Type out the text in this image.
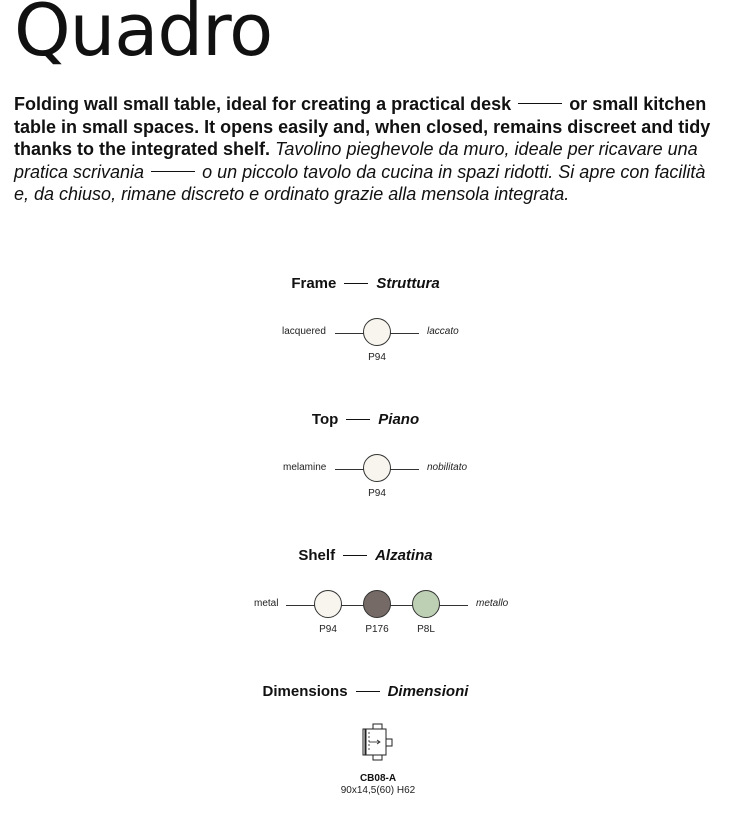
Quadro
Folding wall small table, ideal for creating a practical desk	or small kitchen table in small spaces. It opens easily and, when closed, remains discreet and tidy thanks to the integrated shelf. Tavolino pieghevole da muro, ideale per ricavare una pratica scrivania	o un piccolo tavolo da cucina in spazi ridotti. Si apre con facilità e, da chiuso, rimane discreto e ordinato grazie alla mensola integrata.
Frame	Struttura
lacquered
P94
laccato
Top	Piano
melamine
P94
nobilitato
Shelf	Alzatina
metal
P94	P176	P8L
metallo
Dimensions	Dimensioni
CB08-A
90x14,5(60) H62
